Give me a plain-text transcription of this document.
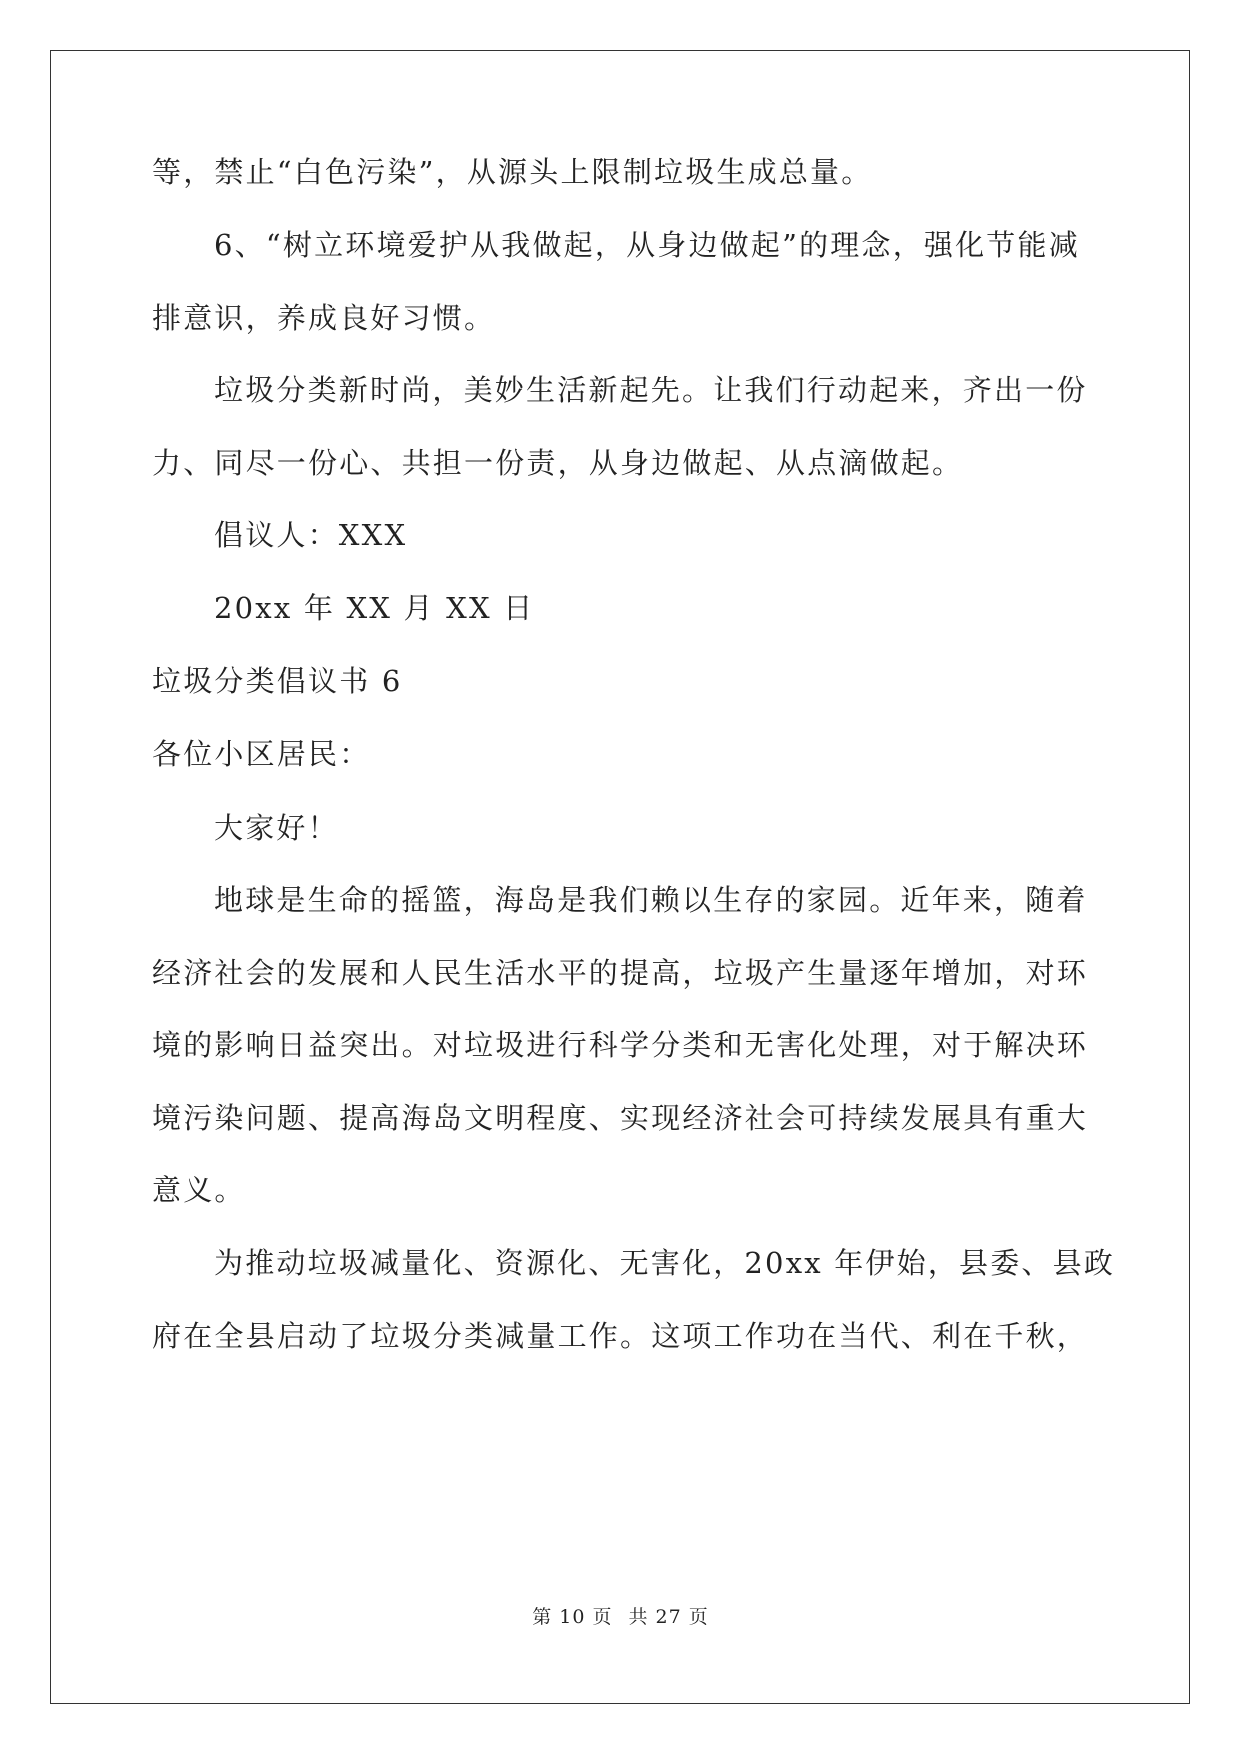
等，禁止“白色污染”，从源头上限制垃圾生成总量。
6、“树立环境爱护从我做起，从身边做起”的理念，强化节能减
排意识，养成良好习惯。
垃圾分类新时尚，美妙生活新起先。让我们行动起来，齐出一份
力、同尽一份心、共担一份责，从身边做起、从点滴做起。
倡议人：XXX
20xx 年 XX 月 XX 日
垃圾分类倡议书 6
各位小区居民：
大家好！
地球是生命的摇篮，海岛是我们赖以生存的家园。近年来，随着
经济社会的发展和人民生活水平的提高，垃圾产生量逐年增加，对环
境的影响日益突出。对垃圾进行科学分类和无害化处理，对于解决环
境污染问题、提高海岛文明程度、实现经济社会可持续发展具有重大
意义。
为推动垃圾减量化、资源化、无害化，20xx 年伊始，县委、县政
府在全县启动了垃圾分类减量工作。这项工作功在当代、利在千秋，
第 10 页 共 27 页
